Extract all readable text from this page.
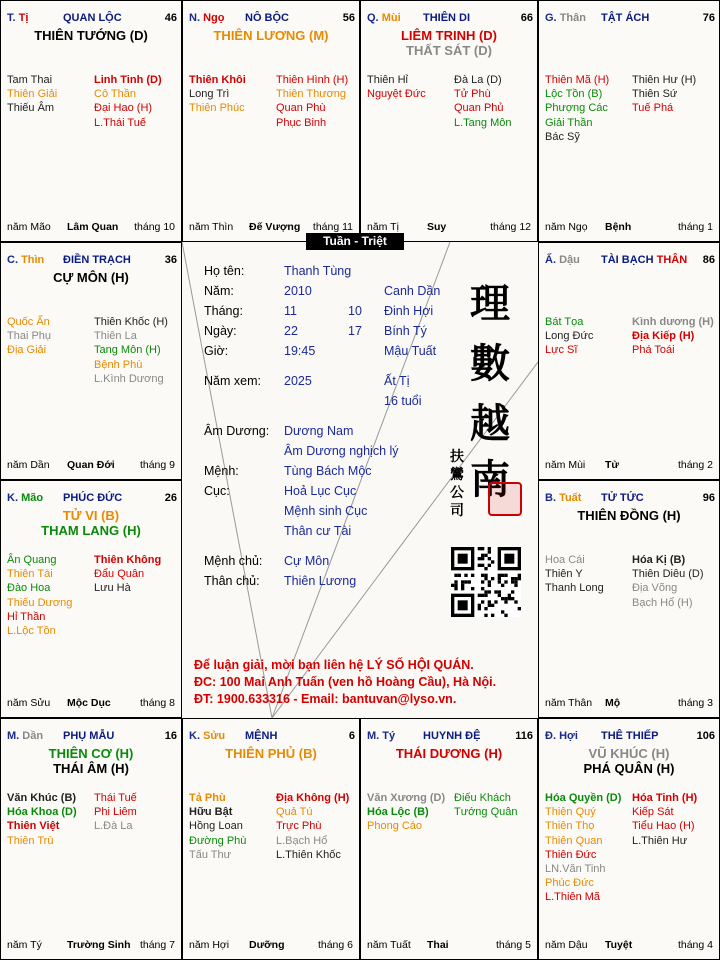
T. Tị	QUAN LỘC	46
THIÊN TƯỚNG (D)
Tam Thai
Thiên Giải
Thiếu Âm
Linh Tinh (D)
Cô Thần
Đại Hao (H)
L.Thái Tuế
năm Mão Lâm Quan tháng 10
N. Ngọ NÔ BỘC	56
THIÊN LƯƠNG (M)
Thiên Khôi
Long Trì
Thiên Phúc
Thiên Hình (H)
Thiên Thương
Quan Phù
Phục Binh
năm Thìn Đế Vượng tháng 11
Q. Mùi THIÊN DI	66
LIÊM TRINH (D)
THẤT SÁT (D)
Thiên Hỉ
Nguyệt Đức
Đà La (D)
Tử Phù
Quan Phủ
L.Tang Môn
năm Tị	Suy	tháng 12
G. Thân TẬT ÁCH	76
Thiên Mã (H)
Lộc Tồn (B)
Phượng Các
Giải Thần
Bác Sỹ
Thiên Hư (H)
Thiên Sứ
Tuế Phá
năm Ngọ Bệnh	tháng 1
C. Thìn ĐIỀN TRẠCH	36
CỰ MÔN (H)
Quốc Ấn
Thai Phụ
Địa Giải
Thiên Khốc (H)
Thiên La
Tang Môn (H)
Bệnh Phù
L.Kình Dương
năm Dần Quan Đới tháng 9
Ấ. Dậu TÀI BẠCH THÂN 86
Bát Tọa
Long Đức
Lực Sĩ
Kình dương (H)
Địa Kiếp (H)
Phá Toái
năm Mùi Tử	tháng 2
K. Mão PHÚC ĐỨC	26
TỬ VI (B)
THAM LANG (H)
Ân Quang
Thiên Tài
Đào Hoa
Thiếu Dương
Hỉ Thần
L.Lộc Tồn
Thiên Không
Đẩu Quân
Lưu Hà
năm Sửu Mộc Dục	tháng 8
B. Tuất TỬ TỨC	96
THIÊN ĐỒNG (H)
Hoa Cái
Thiên Y
Thanh Long
Hóa Kị (B)
Thiên Diêu (D)
Địa Võng
Bạch Hổ (H)
năm Thân Mộ	tháng 3
M. Dần PHỤ MẪU	16
THIÊN CƠ (H)
THÁI ÂM (H)
Văn Khúc (B)
Hóa Khoa (D)
Thiên Việt
Thiên Trù
Thái Tuế
Phi Liêm
L.Đà La
năm Tý Trường Sinh tháng 7
K. Sửu MỆNH	6
THIÊN PHỦ (B)
Tả Phù
Hữu Bật
Hồng Loan
Đường Phù
Tấu Thư
Địa Không (H)
Quả Tú
Trực Phù
L.Bạch Hổ
L.Thiên Khốc
năm Hợi Dưỡng	tháng 6
M. Tý	HUYNH ĐỆ	116
THÁI DƯƠNG (H)
Văn Xương (D)
Hóa Lộc (B)
Phong Cáo
Điếu Khách
Tướng Quân
năm Tuất Thai	tháng 5
Đ. Hợi THÊ THIẾP	106
VŨ KHÚC (H)
PHÁ QUÂN (H)
Hóa Quyền (D)
Thiên Quý
Thiên Thọ
Thiên Quan
Thiên Đức
LN.Văn Tinh
Phúc Đức
L.Thiên Mã
Hóa Tinh (H)
Kiếp Sát
Tiểu Hao (H)
L.Thiên Hư
năm Dậu Tuyệt	tháng 4
Họ tên:	Thanh Tùng
Năm:	2010	Canh Dần
Tháng:	11	10 Đinh Hợi
Ngày:	22	17 Bính Tý
Giờ:	19:45	Mậu Tuất
Năm xem: 2025	Ất Tị
16 tuổi
Âm Dương: Dương Nam
Âm Dương nghịch lý
Mệnh:	Tùng Bách Mộc
Cục:	Hoả Lục Cục
Mệnh sinh Cục
Thân cư Tài
Mệnh chủ: Cự Môn
Thân chủ: Thiên Lương
理
數
越
南
扶
鸞
公
司
Để luận giải, mời bạn liên hệ LÝ SỐ HỘI QUÁN.
ĐC: 100 Mai Anh Tuấn (ven hồ Hoàng Cầu), Hà Nội.
ĐT: 1900.633316 - Email: bantuvan@lyso.vn.
Tuần - Triệt
